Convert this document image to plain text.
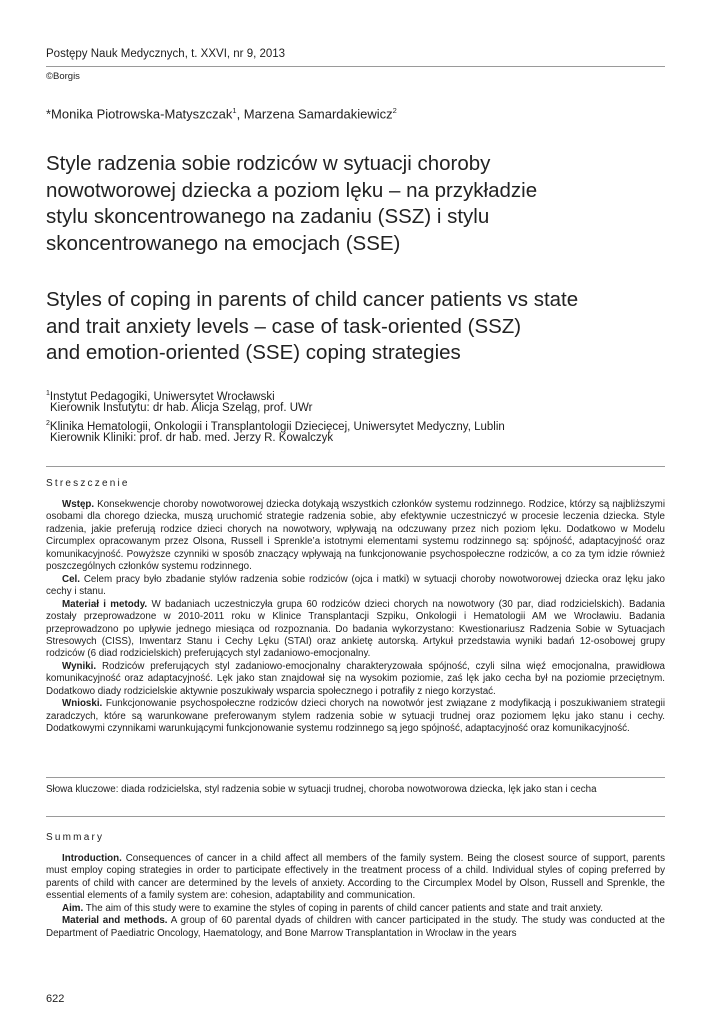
Postępy Nauk Medycznych, t. XXVI, nr 9, 2013
©Borgis
*Monika Piotrowska-Matyszczak$^1$, Marzena Samardakiewicz$^2$
Style radzenia sobie rodziców w sytuacji choroby
nowotworowej dziecka a poziom lęku – na przykładzie
stylu skoncentrowanego na zadaniu (SSZ) i stylu
skoncentrowanego na emocjach (SSE)
Styles of coping in parents of child cancer patients vs state
and trait anxiety levels – case of task-oriented (SSZ)
and emotion-oriented (SSE) coping strategies
$^1$Instytut Pedagogiki, Uniwersytet Wrocławski
Kierownik Instutytu: dr hab. Alicja Szeląg, prof. UWr
$^2$Klinika Hematologii, Onkologii i Transplantologii Dziecięcej, Uniwersytet Medyczny, Lublin
Kierownik Kliniki: prof. dr hab. med. Jerzy R. Kowalczyk
Streszczenie

Wstęp. Konsekwencje choroby nowotworowej dziecka dotykają wszystkich członków systemu rodzinnego. Rodzice, którzy są najbliższymi osobami dla chorego dziecka, muszą uruchomić strategie radzenia sobie, aby efektywnie uczestniczyć w procesie leczenia dziecka. Style radzenia, jakie preferują rodzice dzieci chorych na nowotwory, wpływają na odczuwany przez nich poziom lęku. Dodatkowo w Modelu Circumplex opracowanym przez Olsona, Russell i Sprenkle’a istotnymi elementami systemu rodzinnego są: spójność, adaptacyjność oraz komunikacyjność. Powyższe czynniki w sposób znaczący wpływają na funkcjonowanie psychospołeczne rodziców, a co za tym idzie również poszczególnych członków systemu rodzinnego.

Cel. Celem pracy było zbadanie stylów radzenia sobie rodziców (ojca i matki) w sytuacji choroby nowotworowej dziecka oraz lęku jako cechy i stanu.

Materiał i metody. W badaniach uczestniczyła grupa 60 rodziców dzieci chorych na nowotwory (30 par, diad rodzicielskich). Badania zostały przeprowadzone w 2010-2011 roku w Klinice Transplantacji Szpiku, Onkologii i Hematologii AM we Wrocławiu. Badania przeprowadzono po upływie jednego miesiąca od rozpoznania. Do badania wykorzystano: Kwestionariusz Radzenia Sobie w Sytuacjach Stresowych (CISS), Inwentarz Stanu i Cechy Lęku (STAI) oraz ankietę autorską. Artykuł przedstawia wyniki badań 12-osobowej grupy rodziców (6 diad rodzicielskich) preferujących styl zadaniowo-emocjonalny.

Wyniki. Rodziców preferujących styl zadaniowo-emocjonalny charakteryzowała spójność, czyli silna więź emocjonalna, prawidłowa komunikacyjność oraz adaptacyjność. Lęk jako stan znajdował się na wysokim poziomie, zaś lęk jako cecha był na poziomie przeciętnym. Dodatkowo diady rodzicielskie aktywnie poszukiwały wsparcia społecznego i potrafiły z niego korzystać.

Wnioski. Funkcjonowanie psychospołeczne rodziców dzieci chorych na nowotwór jest związane z modyfikacją i poszukiwaniem strategii zaradczych, które są warunkowane preferowanym stylem radzenia sobie w sytuacji trudnej oraz poziomem lęku jako stanu i cechy. Dodatkowymi czynnikami warunkującymi funkcjonowanie systemu rodzinnego są jego spójność, adaptacyjność oraz komunikacyjność.

Słowa kluczowe: diada rodzicielska, styl radzenia sobie w sytuacji trudnej, choroba nowotworowa dziecka, lęk jako stan i cecha
Summary

Introduction. Consequences of cancer in a child affect all members of the family system. Being the closest source of support, parents must employ coping strategies in order to participate effectively in the treatment process of a child. Individual styles of coping preferred by parents of child with cancer are determined by the levels of anxiety. According to the Circumplex Model by Olson, Russell and Sprenkle, the essential elements of a family system are: cohesion, adaptability and communication.

Aim. The aim of this study were to examine the styles of coping in parents of child cancer patients and state and trait anxiety.

Material and methods. A group of 60 parental dyads of children with cancer participated in the study. The study was conducted at the Department of Paediatric Oncology, Haematology, and Bone Marrow Transplantation in Wrocław in the years

622
